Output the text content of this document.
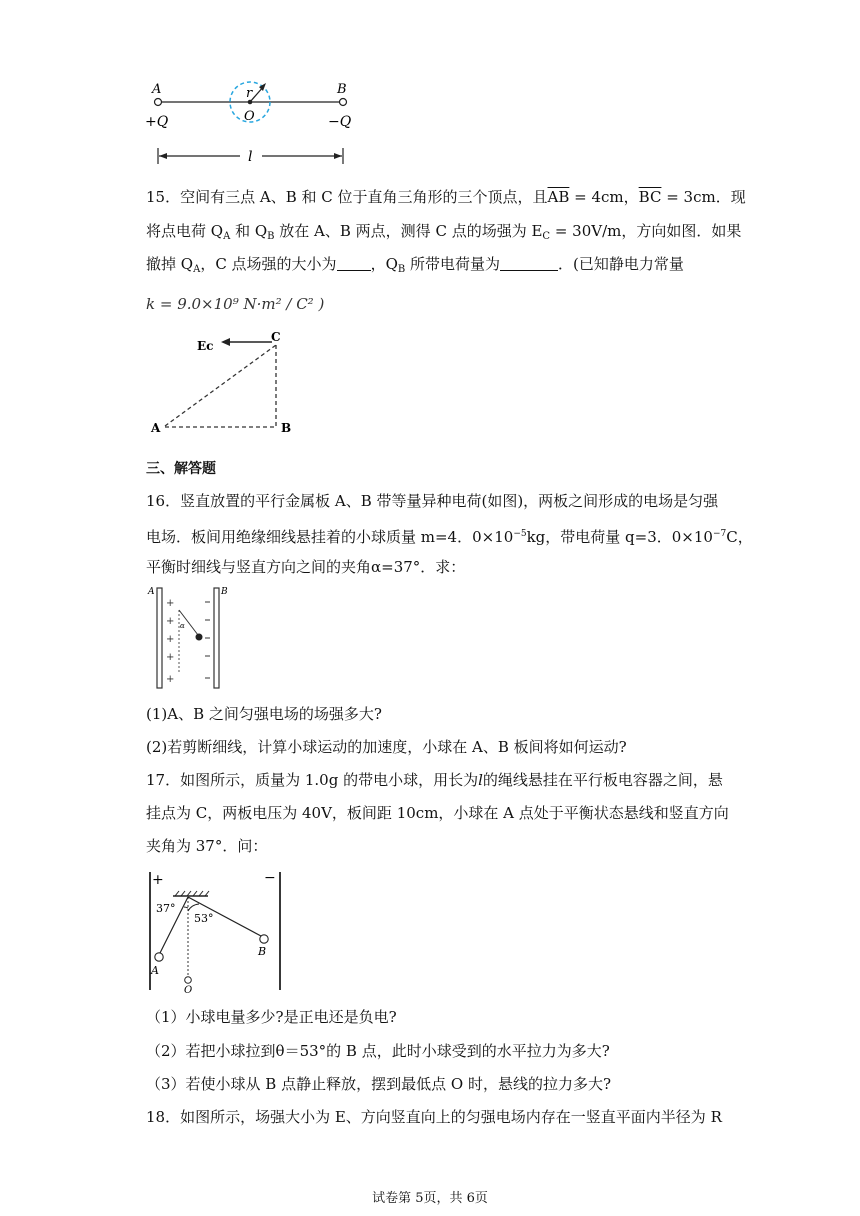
A	B
r
O
+Q	−Q
l
15．空间有三点 A、B 和 C 位于直角三角形的三个顶点，且$\overline{AB} = 4cm$，$\overline{BC} = 3cm$．现
将点电荷 $Q_A$ 和 $Q_B$ 放在 A、B 两点，测得 C 点的场强为 $E_C = 30V/m$，方向如图．如果
撤掉 $Q_A$，C 点场强的大小为 ，$Q_B$ 所带电荷量为	．(已知静电力常量
k = 9.0×10⁹ N·m² / C² )
Ec
C
A	B
三、解答题
16．竖直放置的平行金属板 A、B 带等量异种电荷(如图)，两板之间形成的电场是匀强
电场．板间用绝缘细线悬挂着的小球质量 m=4．$0\times 10^{-5}kg$，带电荷量 q=3．$0\times 10^{-7}C$，
平衡时细线与竖直方向之间的夹角α=37°．求：
A	B
+
+
+
+
+
α
(1)A、B 之间匀强电场的场强多大?
(2)若剪断细线，计算小球运动的加速度，小球在 A、B 板间将如何运动?
17．如图所示，质量为 1.0g 的带电小球，用长为l的绳线悬挂在平行板电容器之间，悬
挂点为 C，两板电压为 40V，板间距 10cm，小球在 A 点处于平衡状态悬线和竖直方向
夹角为 37°．问：
+	−
37°
53°
A
B
O
（1）小球电量多少?是正电还是负电?
（2）若把小球拉到θ＝53°的 B 点，此时小球受到的水平拉力为多大?
（3）若使小球从 B 点静止释放，摆到最低点 O 时，悬线的拉力多大?
18．如图所示，场强大小为 E、方向竖直向上的匀强电场内存在一竖直平面内半径为 R
试卷第 5页，共 6页
